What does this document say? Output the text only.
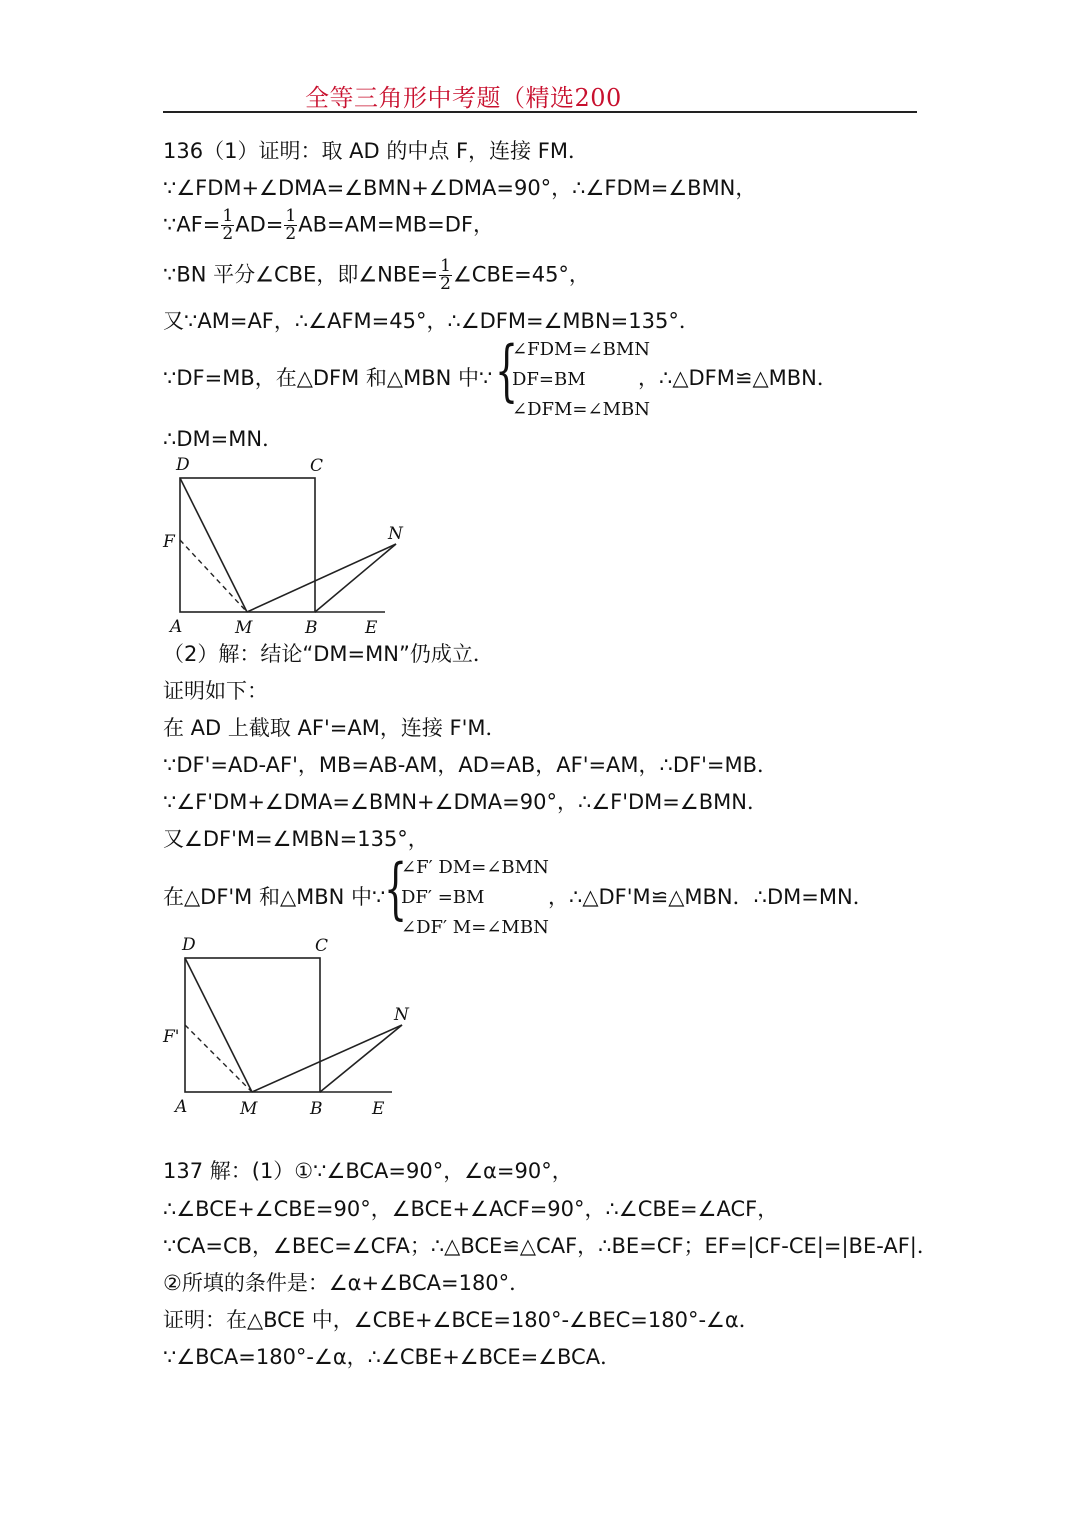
全等三角形中考题（精选200
136（1）证明：取 AD 的中点 F，连接 FM．
∵∠FDM+∠DMA=∠BMN+∠DMA=90°，∴∠FDM=∠BMN，
∵AF= $\frac{1}{2} AD= \frac{1}{2} AB=AM=MB=DF$，
∵BN 平分∠CBE，即∠NBE= $\frac{1}{2}$ ∠CBE=45°，
又∵AM=AF，∴∠AFM=45°，∴∠DFM=∠MBN=135°．
∵DF=MB，在△DFM 和△MBN 中∵ {
∠FDM=∠BMN
DF=BM
∠DFM=∠MBN
，∴△DFM≌△MBN．
∴DM=MN．
D	C
F	N
A	M	B	E
（2）解：结论“DM=MN”仍成立．
证明如下：
在 AD 上截取 AF'=AM，连接 F'M．
∵DF'=AD-AF'，MB=AB-AM，AD=AB，AF'=AM，∴DF'=MB．
∵∠F'DM+∠DMA=∠BMN+∠DMA=90°，∴∠F'DM=∠BMN．
又∠DF'M=∠MBN=135°，
在△DF'M 和△MBN 中∵
{
∠F′ DM=∠BMN
DF′ =BM
∠DF′ M=∠MBN
，∴△DF'M≌△MBN．∴DM=MN．
D	C
F'
N
A	M	B	E
137 解：(1）①∵∠BCA=90°，∠α=90°，
∴∠BCE+∠CBE=90°，∠BCE+∠ACF=90°，∴∠CBE=∠ACF，
∵CA=CB，∠BEC=∠CFA；∴△BCE≌△CAF，∴BE=CF；EF=|CF-CE|=|BE-AF|．
②所填的条件是：∠α+∠BCA=180°．
证明：在△BCE 中，∠CBE+∠BCE=180°-∠BEC=180°-∠α．
∵∠BCA=180°-∠α，∴∠CBE+∠BCE=∠BCA．
